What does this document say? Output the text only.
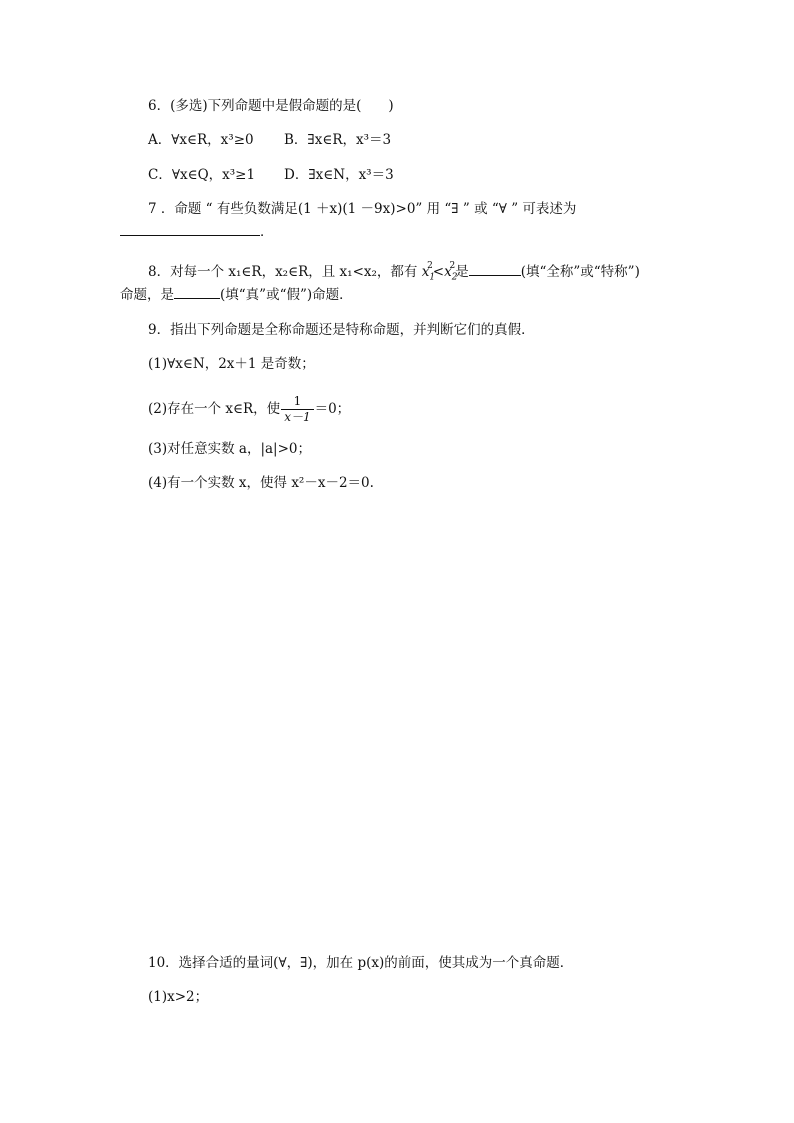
6．(多选)下列命题中是假命题的是(　　)
A．∀x∈R，x³≥0 B．∃x∈R，x³＝3
C．∀x∈Q，x³≥1 D．∃x∈N，x³＝3
7 ．命题 “ 有些负数满足(1 ＋x)(1 －9x)>0” 用 “∃ ” 或 “∀ ” 可表述为
．
8．对每一个 x₁∈R，x₂∈R，且 x₁<x₂，都有 $x_1^2<x_2^2$是	(填“全称”或“特称”)
命题，是	(填“真”或“假”)命题．
9．指出下列命题是全称命题还是特称命题，并判断它们的真假．
(1)∀x∈N，2x＋1 是奇数；
(2)存在一个 x∈R，使 $\frac{1}{x-1} =0$；
(3)对任意实数 a，|a|>0；
(4)有一个实数 x，使得 x²－x－2＝0.
10．选择合适的量词(∀，∃)，加在 p(x)的前面，使其成为一个真命题．
(1)x>2；
